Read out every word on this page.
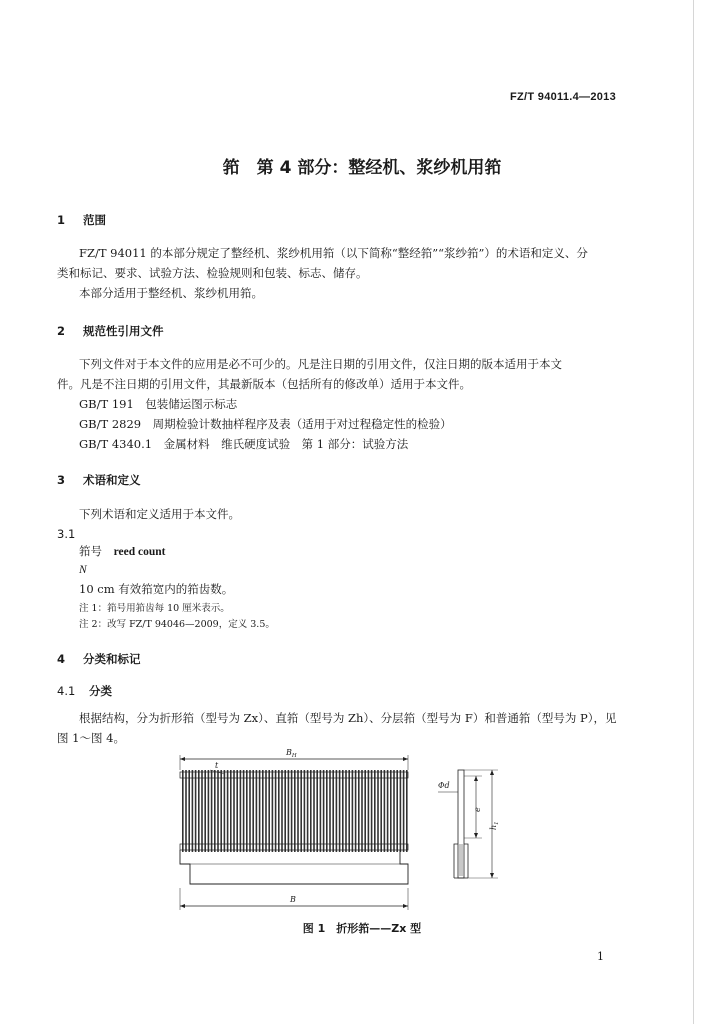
FZ/T 94011.4—2013
筘　第 4 部分：整经机、浆纱机用筘
1 范围
FZ/T 94011 的本部分规定了整经机、浆纱机用筘（以下简称“整经筘”“浆纱筘”）的术语和定义、分
类和标记、要求、试验方法、检验规则和包装、标志、储存。
本部分适用于整经机、浆纱机用筘。
2 规范性引用文件
下列文件对于本文件的应用是必不可少的。凡是注日期的引用文件，仅注日期的版本适用于本文
件。凡是不注日期的引用文件，其最新版本（包括所有的修改单）适用于本文件。
GB/T 191　包装储运图示标志
GB/T 2829　周期检验计数抽样程序及表（适用于对过程稳定性的检验）
GB/T 4340.1　金属材料　维氏硬度试验　第 1 部分：试验方法
3 术语和定义
下列术语和定义适用于本文件。
3.1
筘号 reed count
N
10 cm 有效筘宽内的筘齿数。
注 1：筘号用筘齿每 10 厘米表示。
注 2：改写 FZ/T 94046—2009，定义 3.5。
4 分类和标记
4.1 分类
根据结构，分为折形筘（型号为 Zx）、直筘（型号为 Zh）、分层筘（型号为 F）和普通筘（型号为 P），见
图 1～图 4。
$B_H$
t
B
Φd
e
$h_1$
图 1　折形筘——Zx 型
1
